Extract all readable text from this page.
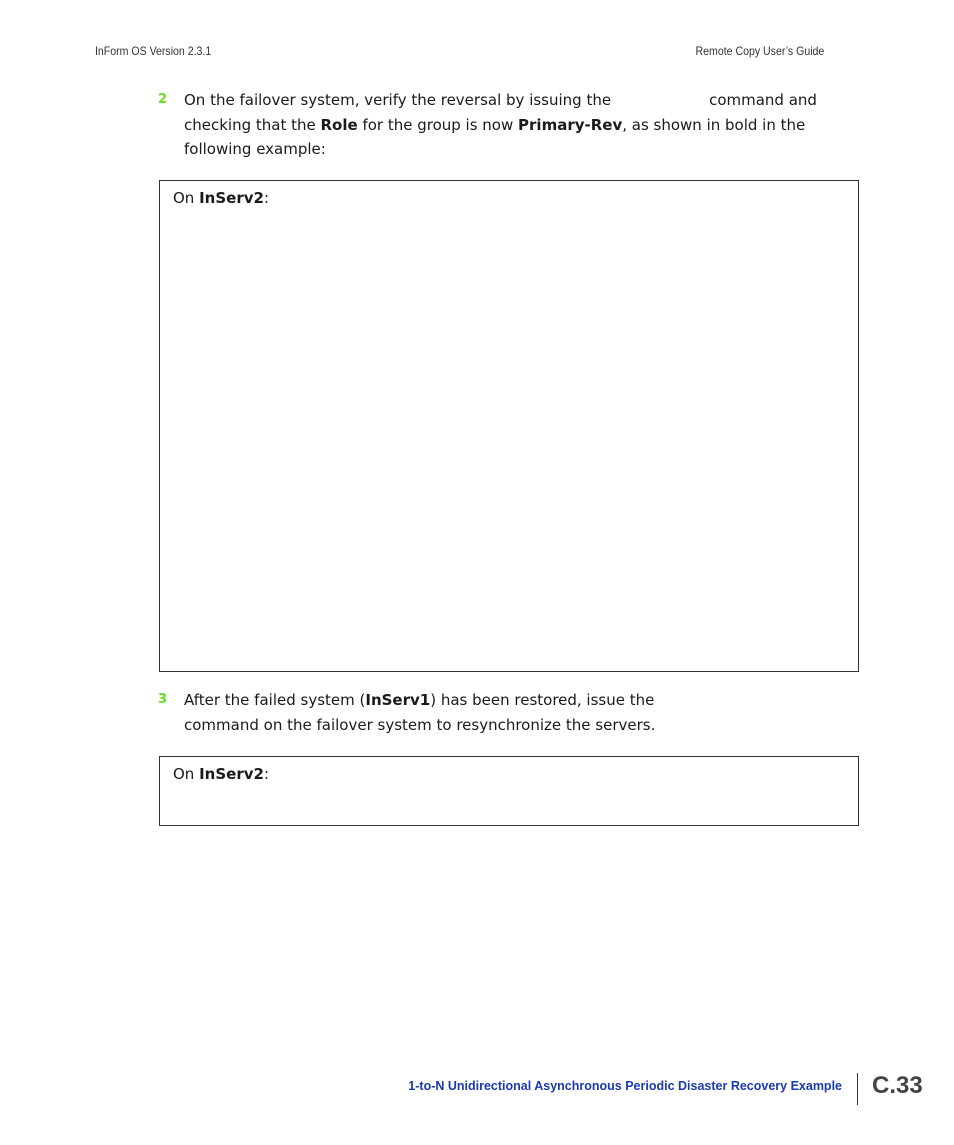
InForm OS Version 2.3.1	Remote Copy User’s Guide
2 On the failover system, verify the reversal by issuing the	command and
checking that the Role for the group is now Primary-Rev, as shown in bold in the
following example:
On InServ2:
3 After the failed system (InServ1) has been restored, issue the
command on the failover system to resynchronize the servers.
On InServ2:
1-to-N Unidirectional Asynchronous Periodic Disaster Recovery Example C.33
